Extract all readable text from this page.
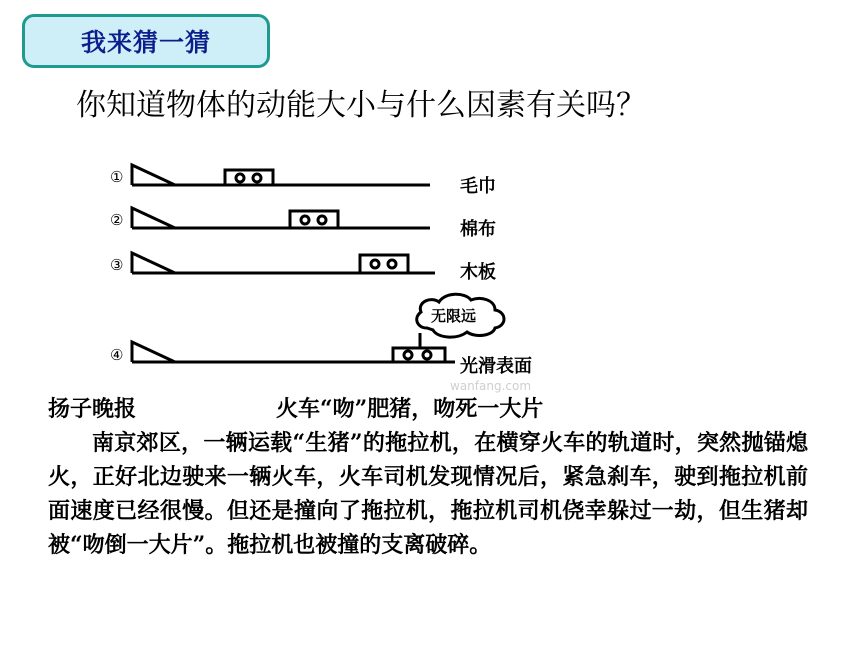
我来猜一猜
你知道物体的动能大小与什么因素有关吗？
①
②
③
④
毛巾
棉布
木板
光滑表面
无限远
wanfang.com
扬子晚报	火车“吻”肥猪，吻死一大片

南京郊区，一辆运载“生猪”的拖拉机，在横穿火车的轨道时，突然抛锚熄火，正好北边驶来一辆火车，火车司机发现情况后，紧急刹车，驶到拖拉机前面速度已经很慢。但还是撞向了拖拉机，拖拉机司机侥幸躲过一劫，但生猪却被“吻倒一大片”。拖拉机也被撞的支离破碎。
